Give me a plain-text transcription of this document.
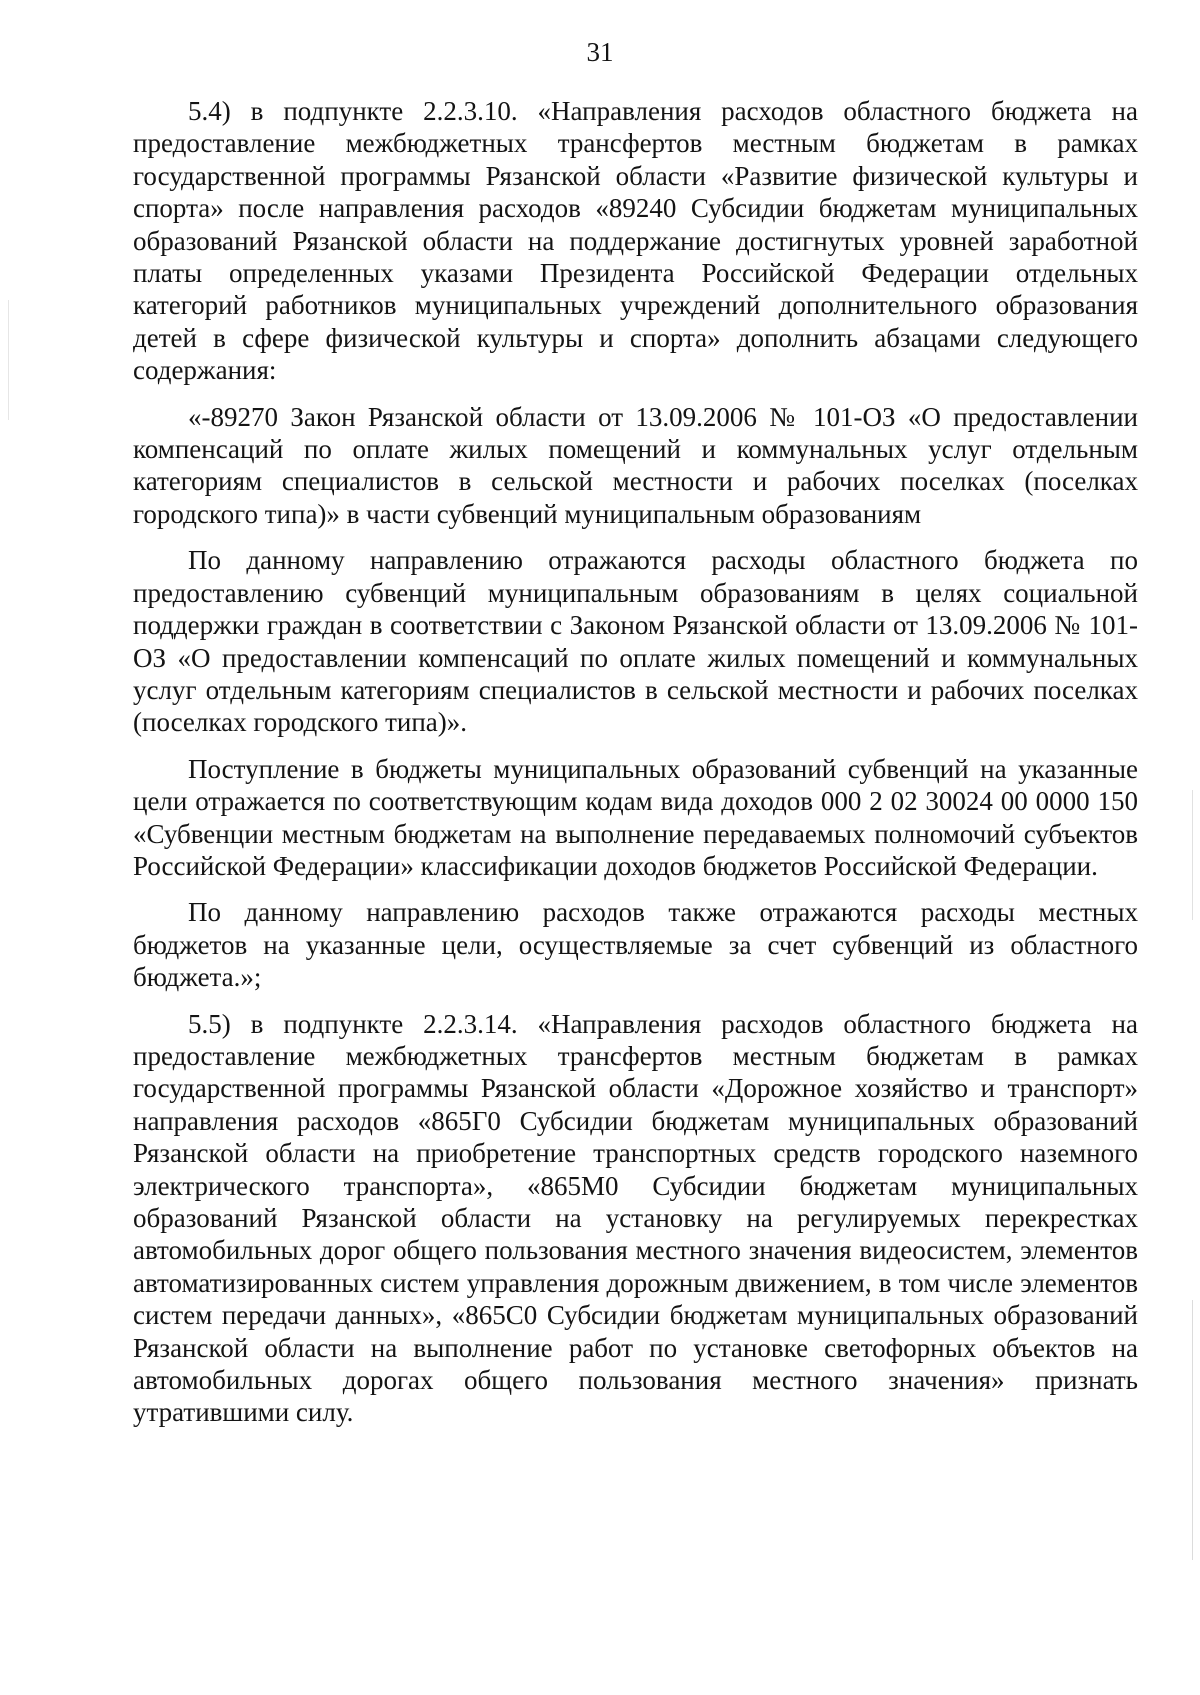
31

5.4) в подпункте 2.2.3.10. «Направления расходов областного бюджета на предоставление межбюджетных трансфертов местным бюджетам в рамках государственной программы Рязанской области «Развитие физической культуры и спорта» после направления расходов «89240 Субсидии бюджетам муниципальных образований Рязанской области на поддержание достигнутых уровней заработной платы определенных указами Президента Российской Федерации отдельных категорий работников муниципальных учреждений дополнительного образования детей в сфере физической культуры и спорта» дополнить абзацами следующего содержания:

«-89270 Закон Рязанской области от 13.09.2006 № 101-ОЗ «О предоставлении компенсаций по оплате жилых помещений и коммунальных услуг отдельным категориям специалистов в сельской местности и рабочих поселках (поселках городского типа)» в части субвенций муниципальным образованиям

По данному направлению отражаются расходы областного бюджета по предоставлению субвенций муниципальным образованиям в целях социальной поддержки граждан в соответствии с Законом Рязанской области от 13.09.2006 № 101-ОЗ «О предоставлении компенсаций по оплате жилых помещений и коммунальных услуг отдельным категориям специалистов в сельской местности и рабочих поселках (поселках городского типа)».

Поступление в бюджеты муниципальных образований субвенций на указанные цели отражается по соответствующим кодам вида доходов 000 2 02 30024 00 0000 150 «Субвенции местным бюджетам на выполнение передаваемых полномочий субъектов Российской Федерации» классификации доходов бюджетов Российской Федерации.

По данному направлению расходов также отражаются расходы местных бюджетов на указанные цели, осуществляемые за счет субвенций из областного бюджета.»;

5.5) в подпункте 2.2.3.14. «Направления расходов областного бюджета на предоставление межбюджетных трансфертов местным бюджетам в рамках государственной программы Рязанской области «Дорожное хозяйство и транспорт» направления расходов «865Г0 Субсидии бюджетам муниципальных образований Рязанской области на приобретение транспортных средств городского наземного электрического транспорта», «865М0 Субсидии бюджетам муниципальных образований Рязанской области на установку на регулируемых перекрестках автомобильных дорог общего пользования местного значения видеосистем, элементов автоматизированных систем управления дорожным движением, в том числе элементов систем передачи данных», «865С0 Субсидии бюджетам муниципальных образований Рязанской области на выполнение работ по установке светофорных объектов на автомобильных дорогах общего пользования местного значения» признать утратившими силу.
